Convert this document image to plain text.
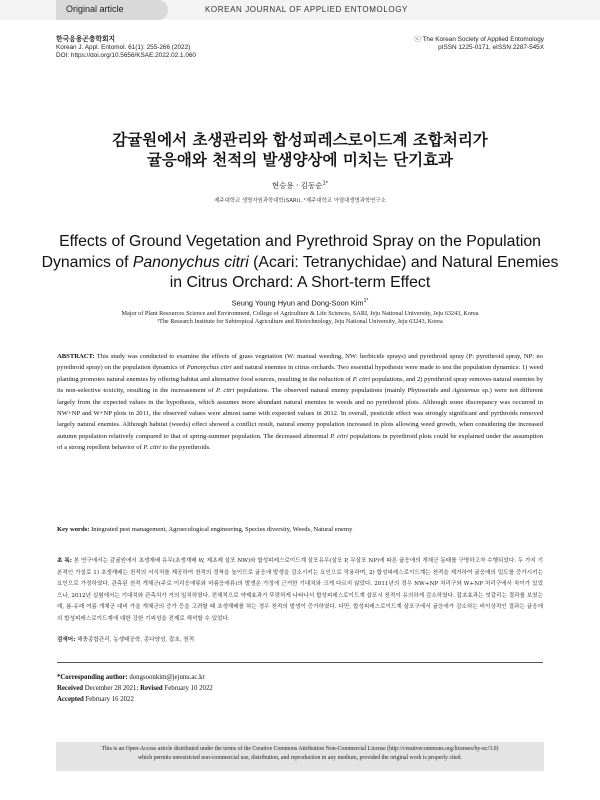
Original article	KOREAN JOURNAL OF APPLIED ENTOMOLOGY
한국응용곤충학회지
Korean J. Appl. Entomol. 61(1): 255-266 (2022)
DOI: https://doi.org/10.5656/KSAE.2022.02.1.060
ⓒ The Korean Society of Applied Entomology
pISSN 1225-0171, eISSN 2287-545X
감귤원에서 초생관리와 합성피레스로이드계 조합처리가
귤응애와 천적의 발생양상에 미치는 단기효과
현승용 · 김동순$^{1*}$
제주대학교 생명자원과학대학(SARI), ¹제주대학교 아열대생명과학연구소
Effects of Ground Vegetation and Pyrethroid Spray on the Population
Dynamics of Panonychus citri (Acari: Tetranychidae) and Natural Enemies
in Citrus Orchard: A Short-term Effect
Seung Young Hyun and Dong-Soon Kim$^{1*}$
Major of Plant Resources Science and Environment, College of Agriculture & Life Sciences, SARI, Jeju National University, Jeju 63243, Korea
¹The Research Institute for Subtropical Agriculture and Biotechnology, Jeju National University, Jeju 63243, Korea
ABSTRACT: This study was conducted to examine the effects of grass vegetation (W: manual weeding, NW: herbicide sprays) and pyrethroid spray (P: pyrethroid spray, NP: no pyrethroid spray) on the population dynamics of Panonychus citri and natural enemies in citrus orchards. Two essential hypothesis were made to test the population dynamics: 1) weed planting promotes natural enemies by offering habitat and alternative food sources, resulting in the reduction of P. citri populations, and 2) pyrethroid spray removes natural enemies by its non-selective toxicity, resulting in the increasement of P. citri populations. The observed natural enemy populations (mainly Phytoseiids and Agistemus sp.) were not different largely from the expected values in the hypothesis, which assumes more abundant natural enemies in weeds and no pyrethroid plots. Although some discrepancy was occurred in NW+NP and W+NP plots in 2011, the observed values were almost same with expected values in 2012. In overall, pesticide effect was strongly significant and pyrthroids removed largely natural enemies. Although habitat (weeds) effect showed a conflict result, natural enemy population increased in plots allowing weed growth, when considering the increased autumn population relatively compared to that of spring-summer population. The decreased abnormal P. citri populations in pyrethroid plots could be explained under the assumption of a strong repellent behavior of P. citri to the pyrethroids.
Key words: Integrated pest management, Agroecological engineering, Species diversity, Weeds, Natural enemy
초 록: 본 연구에서는 감귤원에서 초생재배 유무(초생재배 W, 제초제 살포 NW)와 합성피레스로이드계 살포유무(살포 P, 무살포 NP)에 따른 귤응애의 개체군 동태를 구명하고자 수행되었다. 두 가지 기본적인 가설로 1) 초생재배는 천적의 서식처를 제공하여 천적의 정착을 높이므로 귤응애 발생을 감소시키는 요인으로 작용하며, 2) 합성피레스로이드계는 천적을 제거하여 귤응애의 밀도를 증가시키는 요인으로 가정하였다. 관측된 천적 개체군(주로 이리응애류와 마름응애류)의 발생은 가정에 근거한 기대치와 크게 다르지 않았다. 2011년의 경우 NW+NP 처리구와 W+NP 처리구에서 차이가 있었으나, 2012년 실험에서는 기대치와 관측치가 거의 일치하였다. 전체적으로 약제효과가 뚜렷하게 나타나서 합성피레스로이드계 살포시 천적이 유의하게 감소하였다. 잡초효과는 엇갈리는 결과를 보였는데, 봄-유래 여름 개체군 대비 가을 개체군의 증가 등을 고려할 때 초생재배를 하는 경우 천적의 발생이 증가하였다. 다만, 합성피레스로이드계 살포구에서 귤응애가 감소하는 비이상적인 결과는 귤응애의 합성피레스로이드계에 대한 강한 기피성을 전제로 해석할 수 있었다.
검색어: 해충종합관리, 농생태공학, 종다양성, 잡초, 천적
*Corresponding author: dongsoonkim@jejunu.ac.kr
Received December 28 2021; Revised February 10 2022
Accepted February 16 2022
This is an Open-Access article distributed under the terms of the Creative Commons Attribution Non-Commercial License (http://creativecommons.org/licenses/by-nc/3.0)
which permits unrestricted non-commercial use, distribution, and reproduction in any medium, provided the original work is properly cited.
